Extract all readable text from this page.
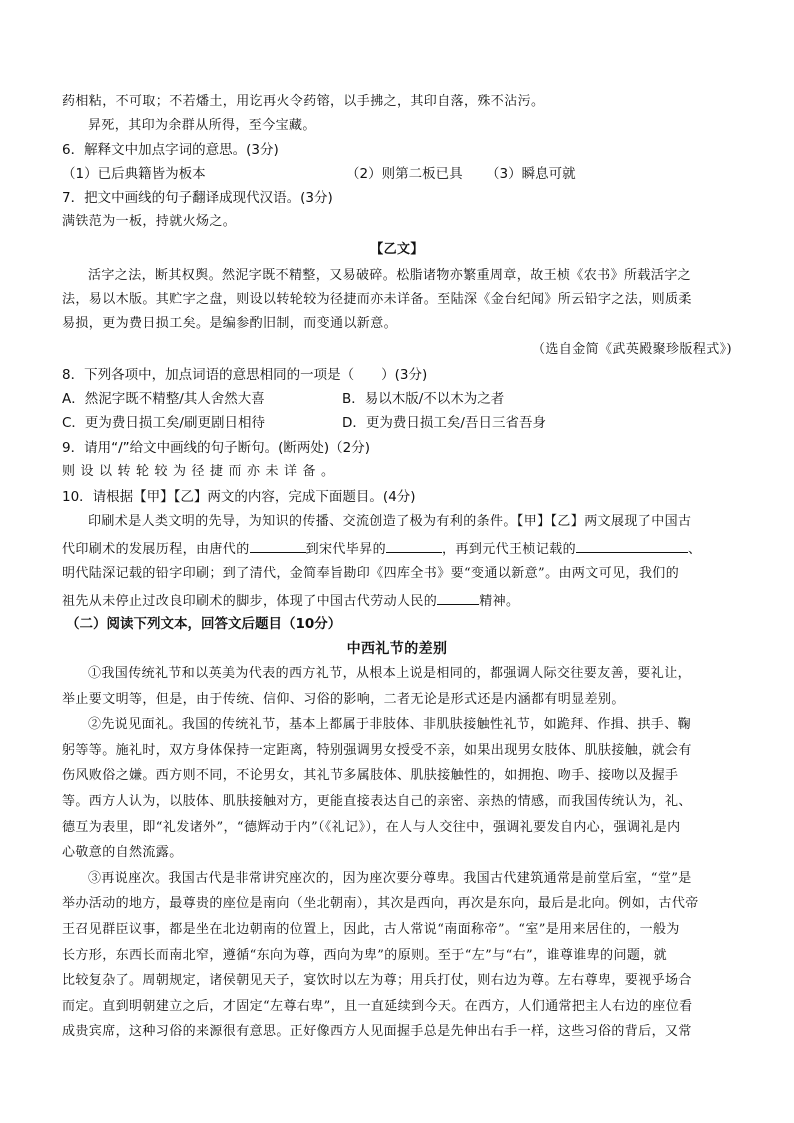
药相粘，不可取；不若燔土，用讫再火令药镕，以手拂之，其印自落，殊不沾污。
昇死，其印为余群从所得，至今宝藏。
6．解释文中加点字词的意思。(3分)
（1）已后典籍皆为板本	（2）则第二板已具 （3）瞬息可就
7．把文中画线的句子翻译成现代汉语。(3分)
满铁范为一板，持就火炀之。
【乙文】
活字之法，断其权舆。然泥字既不精整，又易破碎。松脂诸物亦繁重周章，故王桢《农书》所载活字之
法，易以木版。其贮字之盘，则设以转轮较为径捷而亦未详备。至陆深《金台纪闻》所云铅字之法，则质柔
易损，更为费日损工矣。是编参酌旧制，而变通以新意。
（选自金简《武英殿聚珍版程式》)
8．下列各项中，加点词语的意思相同的一项是（　　）(3分)
A．然泥字既不精整/其人舍然大喜	B．易以木版/不以木为之者
C．更为费日损工矣/刷更剧日相待	D．更为费日损工矣/吾日三省吾身
9．请用“/”给文中画线的句子断句。(断两处)（2分)
则设以转轮较为径捷而亦未详备。
10．请根据【甲】【乙】两文的内容，完成下面题目。(4分)
印刷术是人类文明的先导，为知识的传播、交流创造了极为有利的条件。【甲】【乙】两文展现了中国古
代印刷术的发展历程，由唐代的	到宋代毕昇的	，再到元代王桢记载的	、
明代陆深记载的铅字印刷；到了清代，金简奉旨勘印《四库全书》要“变通以新意”。由两文可见，我们的
祖先从未停止过改良印刷术的脚步，体现了中国古代劳动人民的	精神。
（二）阅读下列文本，回答文后题目（10分）
中西礼节的差别
①我国传统礼节和以英美为代表的西方礼节，从根本上说是相同的，都强调人际交往要友善，要礼让，
举止要文明等，但是，由于传统、信仰、习俗的影响，二者无论是形式还是内涵都有明显差别。
②先说见面礼。我国的传统礼节，基本上都属于非肢体、非肌肤接触性礼节，如跪拜、作揖、拱手、鞠
躬等等。施礼时，双方身体保持一定距离，特别强调男女授受不亲，如果出现男女肢体、肌肤接触，就会有
伤风败俗之嫌。西方则不同，不论男女，其礼节多属肢体、肌肤接触性的，如拥抱、吻手、接吻以及握手
等。西方人认为，以肢体、肌肤接触对方，更能直接表达自己的亲密、亲热的情感，而我国传统认为，礼、
德互为表里，即“礼发诸外”，“德辉动于内”（《礼记》），在人与人交往中，强调礼要发自内心，强调礼是内
心敬意的自然流露。
③再说座次。我国古代是非常讲究座次的，因为座次要分尊卑。我国古代建筑通常是前堂后室，“堂”是
举办活动的地方，最尊贵的座位是南向（坐北朝南），其次是西向，再次是东向，最后是北向。例如，古代帝
王召见群臣议事，都是坐在北边朝南的位置上，因此，古人常说“南面称帝”。“室”是用来居住的，一般为
长方形，东西长而南北窄，遵循“东向为尊，西向为卑”的原则。至于“左”与“右”，谁尊谁卑的问题，就
比较复杂了。周朝规定，诸侯朝见天子，宴饮时以左为尊；用兵打仗，则右边为尊。左右尊卑，要视乎场合
而定。直到明朝建立之后，才固定“左尊右卑”，且一直延续到今天。在西方，人们通常把主人右边的座位看
成贵宾席，这种习俗的来源很有意思。正好像西方人见面握手总是先伸出右手一样，这些习俗的背后，又常
